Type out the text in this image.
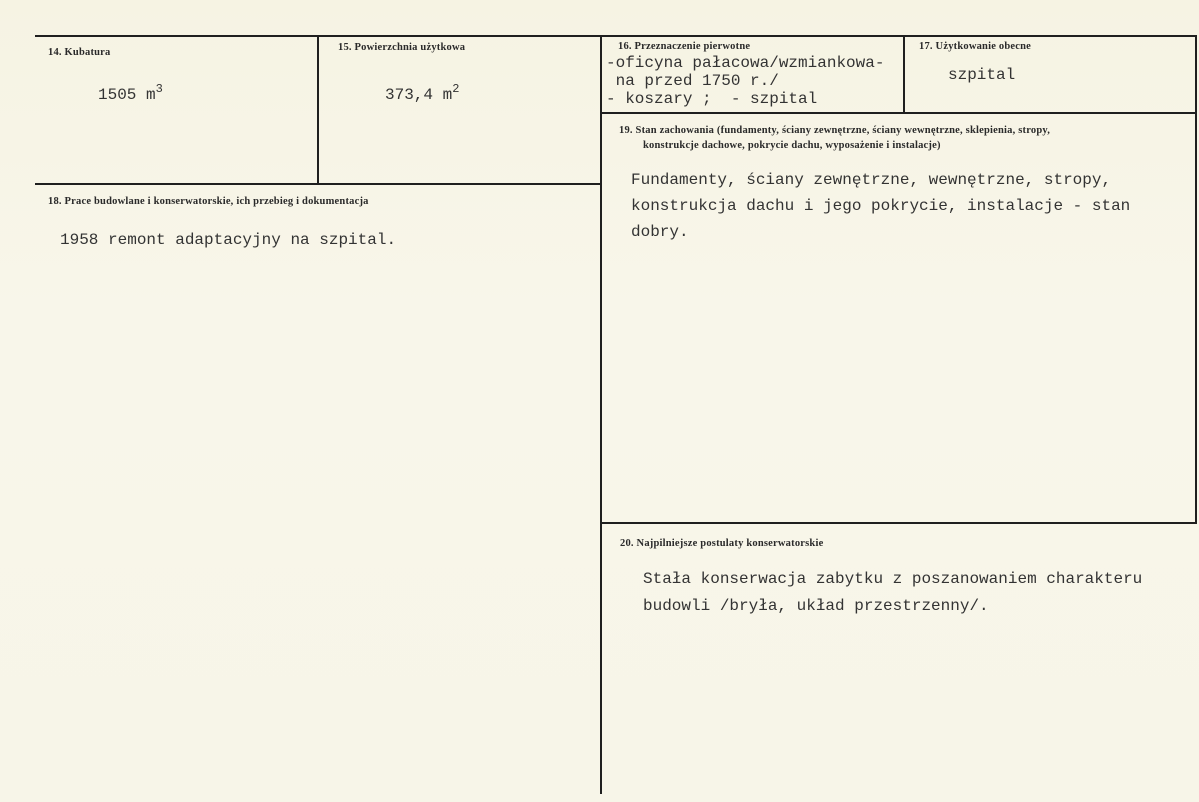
14. Kubatura
1505 $m^3$
15. Powierzchnia użytkowa
373,4 $m^2$
16. Przeznaczenie pierwotne
-oficyna pałacowa/wzmiankowa-
na przed 1750 r./
- koszary ;  - szpital
17. Użytkowanie obecne
szpital
18. Prace budowlane i konserwatorskie, ich przebieg i dokumentacja
1958 remont adaptacyjny na szpital.
19. Stan zachowania (fundamenty, ściany zewnętrzne, ściany wewnętrzne, sklepienia, stropy,
konstrukcje dachowe, pokrycie dachu, wyposażenie i instalacje)
Fundamenty, ściany zewnętrzne, wewnętrzne, stropy,
konstrukcja dachu i jego pokrycie, instalacje - stan
dobry.
20. Najpilniejsze postulaty konserwatorskie
Stała konserwacja zabytku z poszanowaniem charakteru
budowli /bryła, układ przestrzenny/.
